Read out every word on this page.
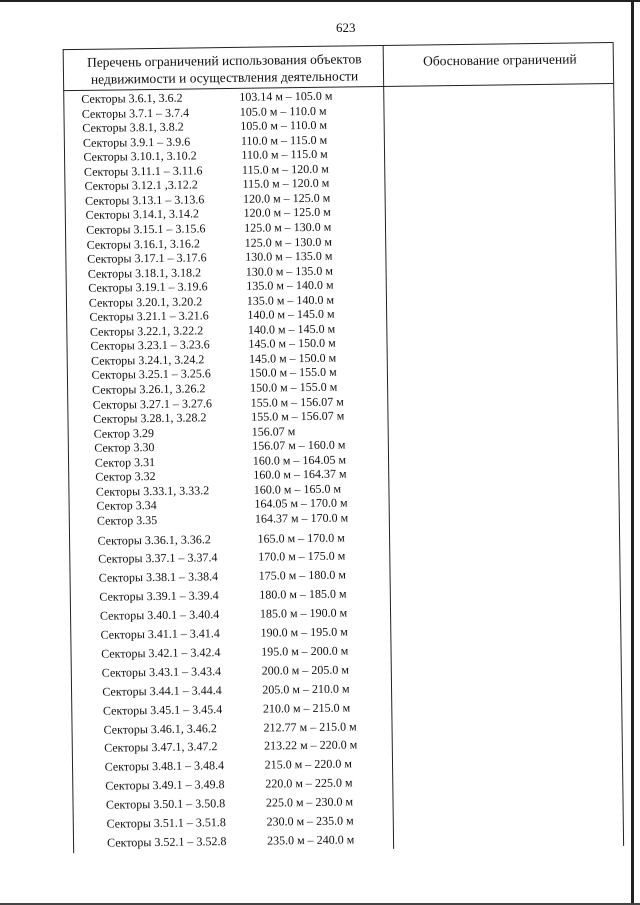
623
Перечень ограничений использования объектов недвижимости и осуществления деятельности
Обоснование ограничений
Секторы 3.6.1, 3.6.2	103.14 м – 105.0 м
Секторы 3.7.1 – 3.7.4	105.0 м – 110.0 м
Секторы 3.8.1, 3.8.2	105.0 м – 110.0 м
Секторы 3.9.1 – 3.9.6	110.0 м – 115.0 м
Секторы 3.10.1, 3.10.2	110.0 м – 115.0 м
Секторы 3.11.1 – 3.11.6	115.0 м – 120.0 м
Секторы 3.12.1 ,3.12.2	115.0 м – 120.0 м
Секторы 3.13.1 – 3.13.6	120.0 м – 125.0 м
Секторы 3.14.1, 3.14.2	120.0 м – 125.0 м
Секторы 3.15.1 – 3.15.6	125.0 м – 130.0 м
Секторы 3.16.1, 3.16.2	125.0 м – 130.0 м
Секторы 3.17.1 – 3.17.6	130.0 м – 135.0 м
Секторы 3.18.1, 3.18.2	130.0 м – 135.0 м
Секторы 3.19.1 – 3.19.6	135.0 м – 140.0 м
Секторы 3.20.1, 3.20.2	135.0 м – 140.0 м
Секторы 3.21.1 – 3.21.6	140.0 м – 145.0 м
Секторы 3.22.1, 3.22.2	140.0 м – 145.0 м
Секторы 3.23.1 – 3.23.6	145.0 м – 150.0 м
Секторы 3.24.1, 3.24.2	145.0 м – 150.0 м
Секторы 3.25.1 – 3.25.6	150.0 м – 155.0 м
Секторы 3.26.1, 3.26.2	150.0 м – 155.0 м
Секторы 3.27.1 – 3.27.6	155.0 м – 156.07 м
Секторы 3.28.1, 3.28.2	155.0 м – 156.07 м
Сектор 3.29	156.07 м
Сектор 3.30	156.07 м – 160.0 м
Сектор 3.31	160.0 м – 164.05 м
Сектор 3.32	160.0 м – 164.37 м
Секторы 3.33.1, 3.33.2	160.0 м – 165.0 м
Сектор 3.34	164.05 м – 170.0 м
Сектор 3.35	164.37 м – 170.0 м
Секторы 3.36.1, 3.36.2	165.0 м – 170.0 м
Секторы 3.37.1 – 3.37.4	170.0 м – 175.0 м
Секторы 3.38.1 – 3.38.4	175.0 м – 180.0 м
Секторы 3.39.1 – 3.39.4	180.0 м – 185.0 м
Секторы 3.40.1 – 3.40.4	185.0 м – 190.0 м
Секторы 3.41.1 – 3.41.4	190.0 м – 195.0 м
Секторы 3.42.1 – 3.42.4	195.0 м – 200.0 м
Секторы 3.43.1 – 3.43.4	200.0 м – 205.0 м
Секторы 3.44.1 – 3.44.4	205.0 м – 210.0 м
Секторы 3.45.1 – 3.45.4	210.0 м – 215.0 м
Секторы 3.46.1, 3.46.2	212.77 м – 215.0 м
Секторы 3.47.1, 3.47.2	213.22 м – 220.0 м
Секторы 3.48.1 – 3.48.4	215.0 м – 220.0 м
Секторы 3.49.1 – 3.49.8	220.0 м – 225.0 м
Секторы 3.50.1 – 3.50.8	225.0 м – 230.0 м
Секторы 3.51.1 – 3.51.8	230.0 м – 235.0 м
Секторы 3.52.1 – 3.52.8	235.0 м – 240.0 м
